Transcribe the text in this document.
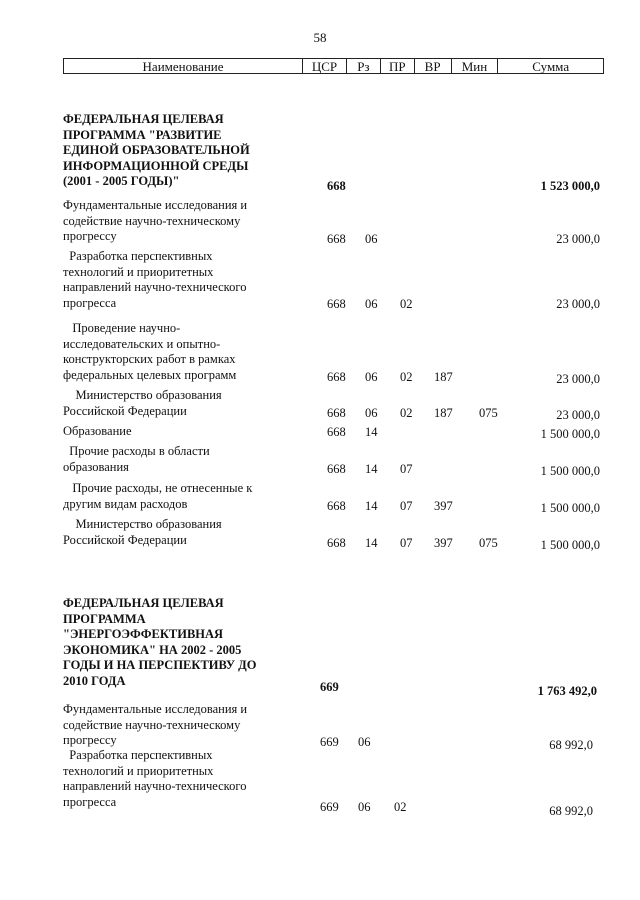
58
Наименование	ЦСР	Рз	ПР	ВР	Мин	Сумма
ФЕДЕРАЛЬНАЯ ЦЕЛЕВАЯ
ПРОГРАММА "РАЗВИТИЕ
ЕДИНОЙ ОБРАЗОВАТЕЛЬНОЙ
ИНФОРМАЦИОННОЙ СРЕДЫ
(2001 - 2005 ГОДЫ)"	668	1 523 000,0
Фундаментальные исследования и
содействие научно-техническому
прогрессу	668 06	23 000,0
Разработка перспективных
технологий и приоритетных
направлений научно-технического
прогресса	668 06 02	23 000,0
Проведение научно-
исследовательских и опытно-
конструкторских работ в рамках
федеральных целевых программ	668 06 02 187	23 000,0
Министерство образования
Российской Федерации	668 06 02 187 075	23 000,0
Образование	668 14	1 500 000,0
Прочие расходы в области
образования	668 14 07	1 500 000,0
Прочие расходы, не отнесенные к
другим видам расходов	668 14 07 397	1 500 000,0
Министерство образования
Российской Федерации	668 14 07 397 075	1 500 000,0
ФЕДЕРАЛЬНАЯ ЦЕЛЕВАЯ
ПРОГРАММА
"ЭНЕРГОЭФФЕКТИВНАЯ
ЭКОНОМИКА" НА 2002 - 2005
ГОДЫ И НА ПЕРСПЕКТИВУ ДО
2010 ГОДА	669	1 763 492,0
Фундаментальные исследования и
содействие научно-техническому
прогрессу	669 06	68 992,0
Разработка перспективных
технологий и приоритетных
направлений научно-технического
прогресса	669 06 02	68 992,0
